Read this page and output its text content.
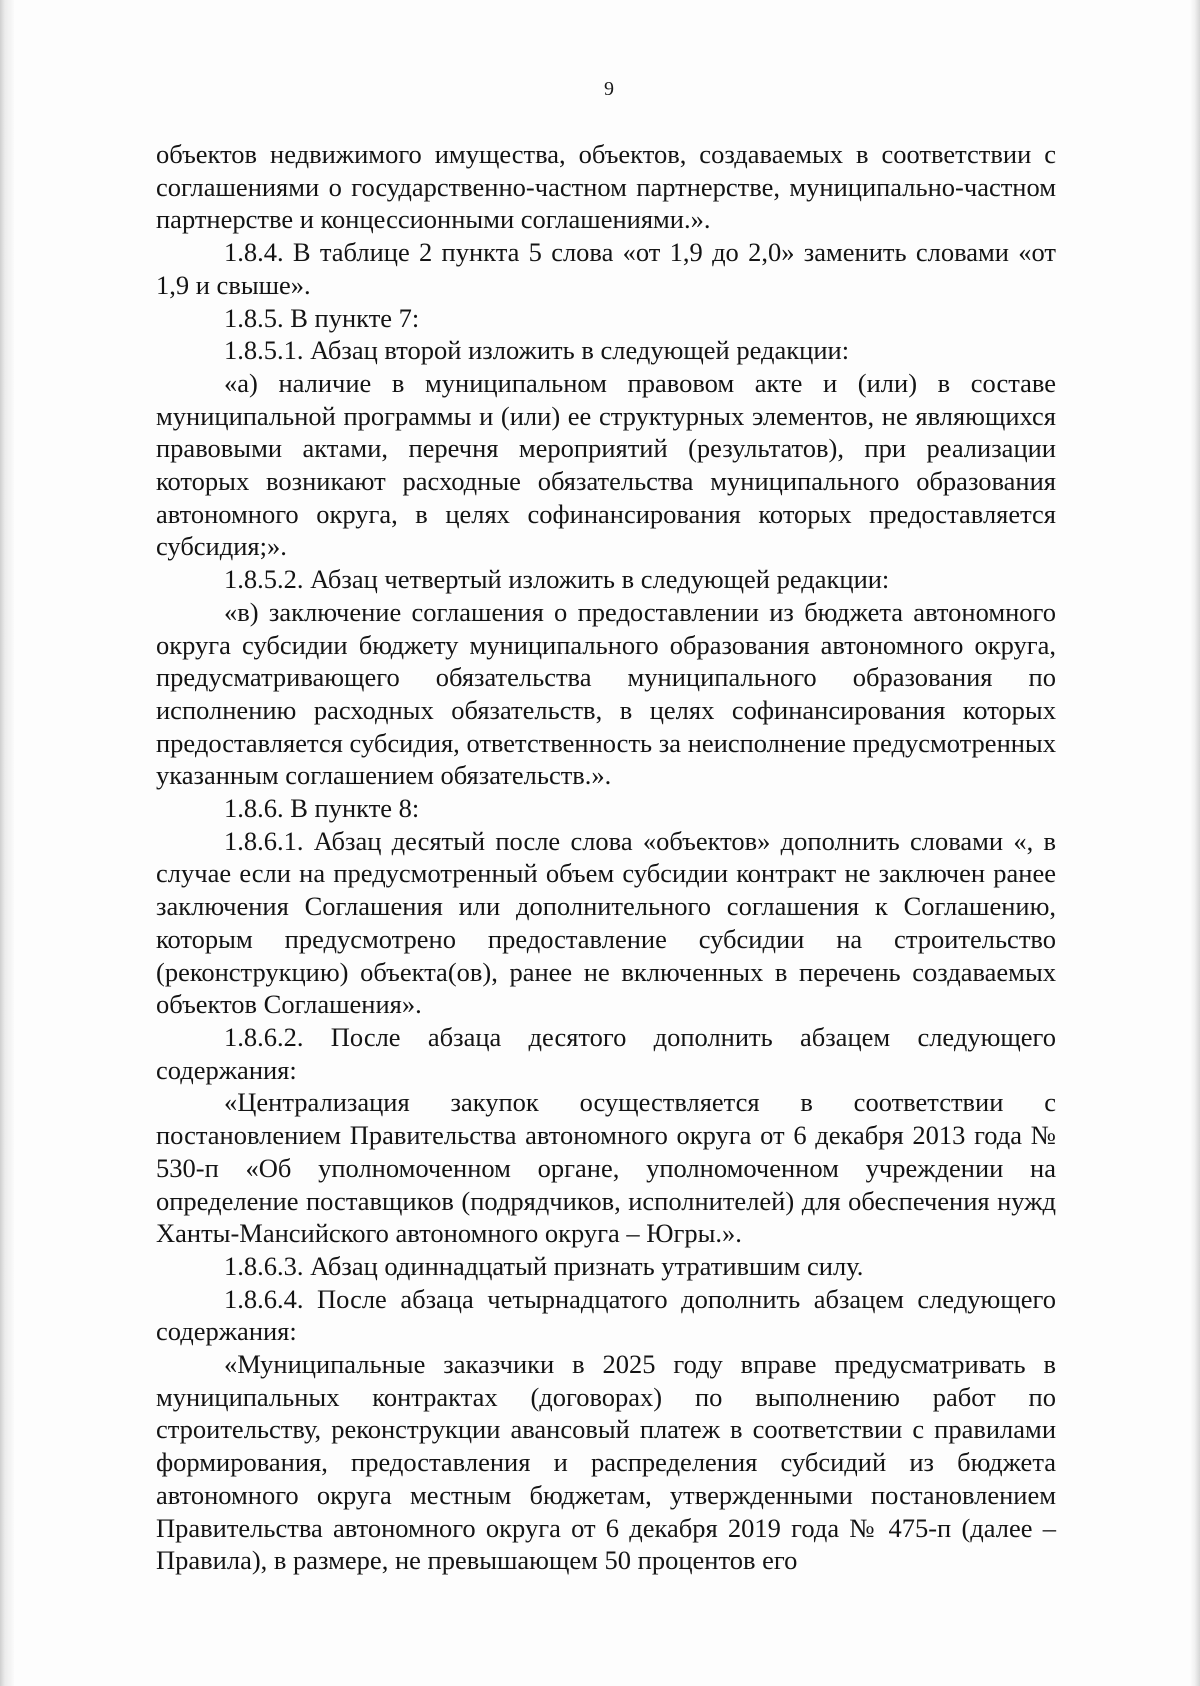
9

объектов недвижимого имущества, объектов, создаваемых в соответствии с соглашениями о государственно-частном партнерстве, муниципально-частном партнерстве и концессионными соглашениями.».

1.8.4. В таблице 2 пункта 5 слова «от 1,9 до 2,0» заменить словами «от 1,9 и свыше».

1.8.5. В пункте 7:

1.8.5.1. Абзац второй изложить в следующей редакции:

«а) наличие в муниципальном правовом акте и (или) в составе муниципальной программы и (или) ее структурных элементов, не являющихся правовыми актами, перечня мероприятий (результатов), при реализации которых возникают расходные обязательства муниципального образования автономного округа, в целях софинансирования которых предоставляется субсидия;».

1.8.5.2. Абзац четвертый изложить в следующей редакции:

«в) заключение соглашения о предоставлении из бюджета автономного округа субсидии бюджету муниципального образования автономного округа, предусматривающего обязательства муниципального образования по исполнению расходных обязательств, в целях софинансирования которых предоставляется субсидия, ответственность за неисполнение предусмотренных указанным соглашением обязательств.».

1.8.6. В пункте 8:

1.8.6.1. Абзац десятый после слова «объектов» дополнить словами «, в случае если на предусмотренный объем субсидии контракт не заключен ранее заключения Соглашения или дополнительного соглашения к Соглашению, которым предусмотрено предоставление субсидии на строительство (реконструкцию) объекта(ов), ранее не включенных в перечень создаваемых объектов Соглашения».

1.8.6.2. После абзаца десятого дополнить абзацем следующего содержания:

«Централизация закупок осуществляется в соответствии с постановлением Правительства автономного округа от 6 декабря 2013 года № 530-п «Об уполномоченном органе, уполномоченном учреждении на определение поставщиков (подрядчиков, исполнителей) для обеспечения нужд Ханты-Мансийского автономного округа – Югры.».

1.8.6.3. Абзац одиннадцатый признать утратившим силу.

1.8.6.4. После абзаца четырнадцатого дополнить абзацем следующего содержания:

«Муниципальные заказчики в 2025 году вправе предусматривать в муниципальных контрактах (договорах) по выполнению работ по строительству, реконструкции авансовый платеж в соответствии с правилами формирования, предоставления и распределения субсидий из бюджета автономного округа местным бюджетам, утвержденными постановлением Правительства автономного округа от 6 декабря 2019 года № 475-п (далее – Правила), в размере, не превышающем 50 процентов его
